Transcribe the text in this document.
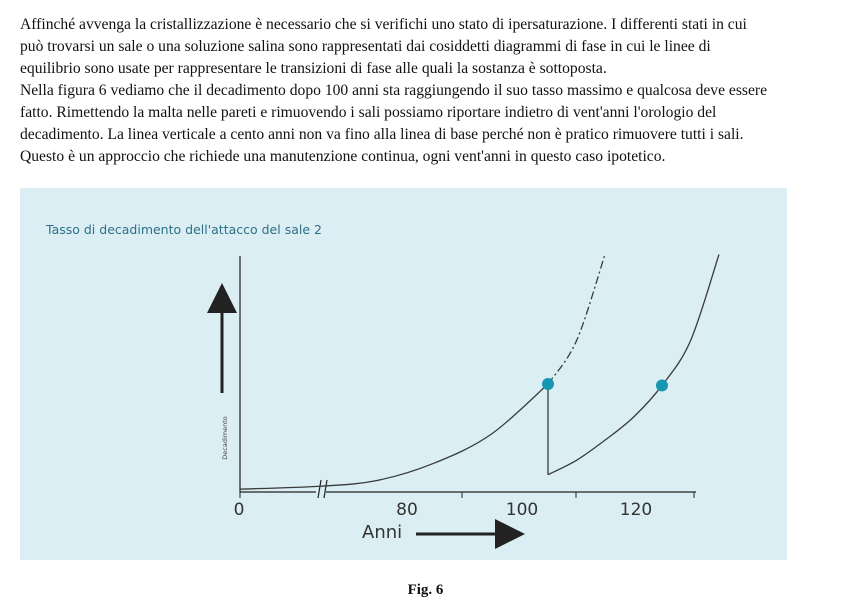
Affinché avvenga la cristallizzazione è necessario che si verifichi uno stato di ipersaturazione. I differenti stati in cui
può trovarsi un sale o una soluzione salina sono rappresentati dai cosiddetti diagrammi di fase in cui le linee di
equilibrio sono usate per rappresentare le transizioni di fase alle quali la sostanza è sottoposta.
Nella figura 6 vediamo che il decadimento dopo 100 anni sta raggiungendo il suo tasso massimo e qualcosa deve essere
fatto. Rimettendo la malta nelle pareti e rimuovendo i sali possiamo riportare indietro di vent'anni l'orologio del
decadimento. La linea verticale a cento anni non va fino alla linea di base perché non è pratico rimuovere tutti i sali.
Questo è un approccio che richiede una manutenzione continua, ogni vent'anni in questo caso ipotetico.
Tasso di decadimento dell'attacco del sale 2
Decadimento
0	80	100	120
Anni
Fig. 6
